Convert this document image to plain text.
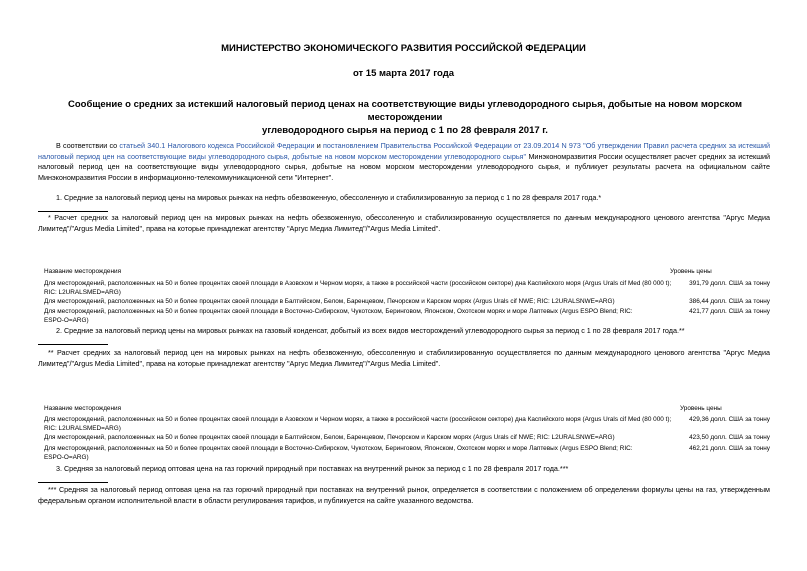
МИНИСТЕРСТВО ЭКОНОМИЧЕСКОГО РАЗВИТИЯ РОССИЙСКОЙ ФЕДЕРАЦИИ
от 15 марта 2017 года
Сообщение о средних за истекший налоговый период ценах на соответствующие виды углеводородного сырья, добытые на новом морском месторождении
углеводородного сырья на период с 1 по 28 февраля 2017 г.
В соответствии со статьей 340.1 Налогового кодекса Российской Федерации и постановлением Правительства Российской Федерации от 23.09.2014 N 973 "Об утверждении Правил расчета средних за истекший налоговый период цен на соответствующие виды углеводородного сырья, добытые на новом морском месторождении углеводородного сырья" Минэкономразвития России осуществляет расчет средних за истекший налоговый период цен на соответствующие виды углеводородного сырья, добытые на новом морском месторождении углеводородного сырья, и публикует результаты расчета на официальном сайте Минэкономразвития России в информационно-телекоммуникационной сети "Интернет".
1. Средние за налоговый период цены на мировых рынках на нефть обезвоженную, обессоленную и стабилизированную за период с 1 по 28 февраля 2017 года.*
* Расчет средних за налоговый период цен на мировых рынках на нефть обезвоженную, обессоленную и стабилизированную осуществляется по данным международного ценового агентства "Аргус Медиа Лимитед"/"Argus Media Limited", права на которые принадлежат агентству "Аргус Медиа Лимитед"/"Argus Media Limited".
Название месторождения	Уровень цены
Для месторождений, расположенных на 50 и более процентах своей площади в Азовском и Черном морях, а также в российской части (российском секторе) дна Каспийского моря (Argus Urals cif Med (80 000 t); RIC: L2URALSMED=ARG)
391,79 долл. США за тонну
Для месторождений, расположенных на 50 и более процентах своей площади в Балтийском, Белом, Баренцевом, Печорском и Карском морях (Argus Urals cif NWE; RIC: L2URALSNWE=ARG)	386,44 долл. США за тонну
Для месторождений, расположенных на 50 и более процентах своей площади в Восточно-Сибирском, Чукотском, Беринговом, Японском, Охотском морях и море Лаптевых (Argus ESPO Blend; RIC: ESPO-O=ARG)
421,77 долл. США за тонну
2. Средние за налоговый период цены на мировых рынках на газовый конденсат, добытый из всех видов месторождений углеводородного сырья за период с 1 по 28 февраля 2017 года.**
** Расчет средних за налоговый период цен на мировых рынках на нефть обезвоженную, обессоленную и стабилизированную осуществляется по данным международного ценового агентства "Аргус Медиа Лимитед"/"Argus Media Limited", права на которые принадлежат агентству "Аргус Медиа Лимитед"/"Argus Media Limited".
Название месторождения	Уровень цены
Для месторождений, расположенных на 50 и более процентах своей площади в Азовском и Черном морях, а также в российской части (российском секторе) дна Каспийского моря (Argus Urals cif Med (80 000 t); RIC: L2URALSMED=ARG)
429,36 долл. США за тонну
Для месторождений, расположенных на 50 и более процентах своей площади в Балтийском, Белом, Баренцевом, Печорском и Карском морях (Argus Urals cif NWE; RIC: L2URALSNWE=ARG)	423,50 долл. США за тонну
Для месторождений, расположенных на 50 и более процентах своей площади в Восточно-Сибирском, Чукотском, Беринговом, Японском, Охотском морях и море Лаптевых (Argus ESPO Blend; RIC: ESPO-O=ARG)
462,21 долл. США за тонну
3. Средняя за налоговый период оптовая цена на газ горючий природный при поставках на внутренний рынок за период с 1 по 28 февраля 2017 года.***
*** Средняя за налоговый период оптовая цена на газ горючий природный при поставках на внутренний рынок, определяется в соответствии с положением об определении формулы цены на газ, утвержденным федеральным органом исполнительной власти в области регулирования тарифов, и публикуется на сайте указанного ведомства.
